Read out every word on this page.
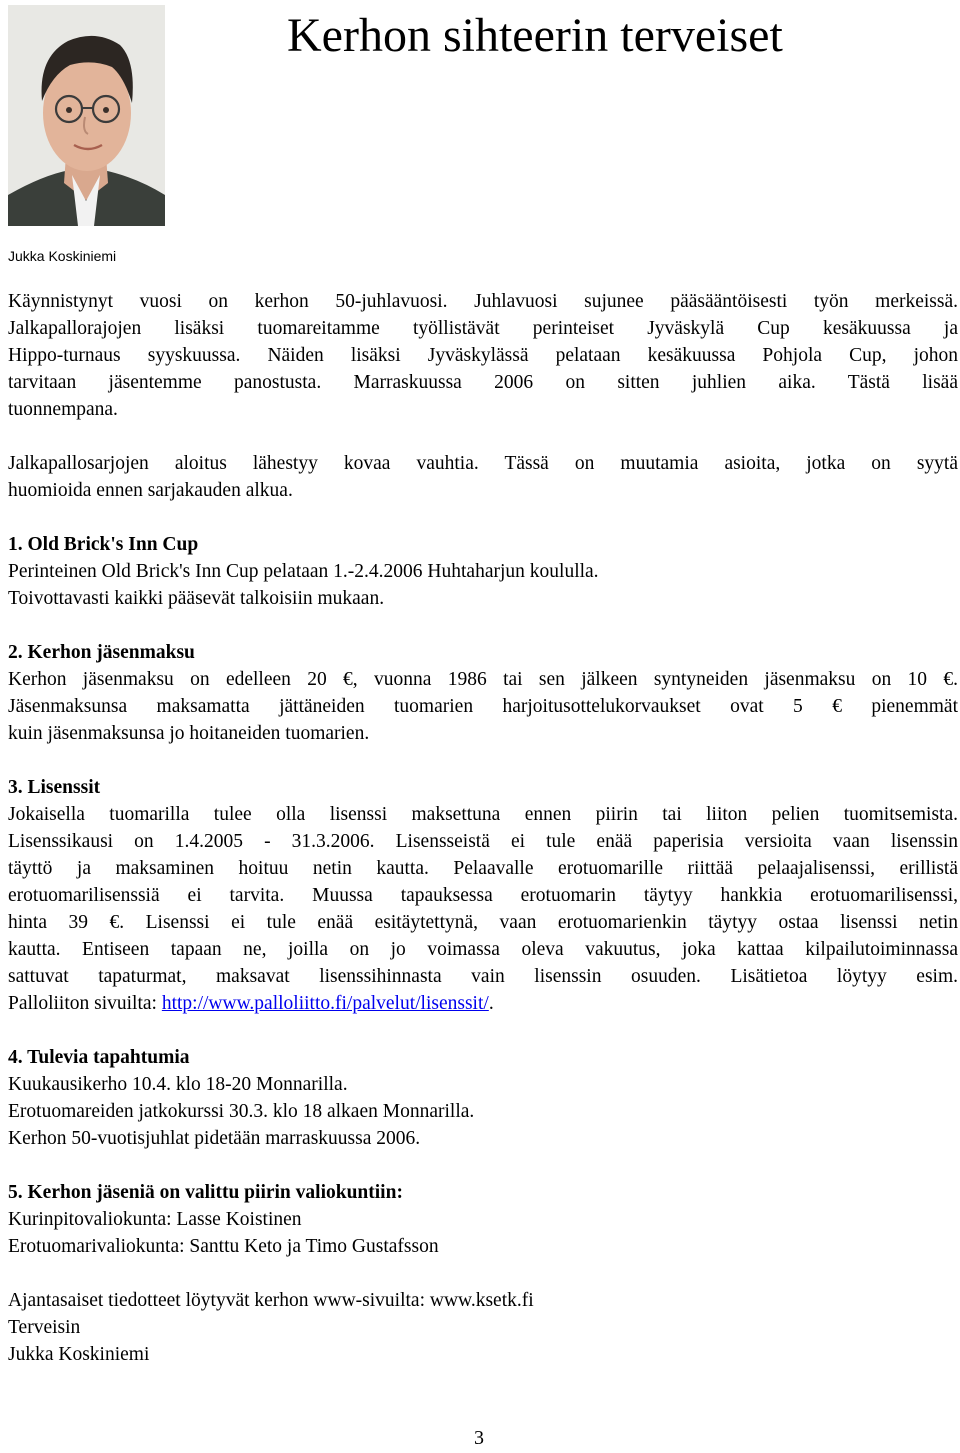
Kerhon sihteerin terveiset

Jukka Koskiniemi

Käynnistynyt vuosi on kerhon 50-juhlavuosi. Juhlavuosi sujunee pääsääntöisesti työn merkeissä.
Jalkapallorajojen lisäksi tuomareitamme työllistävät perinteiset Jyväskylä Cup kesäkuussa ja
Hippo-turnaus syyskuussa. Näiden lisäksi Jyväskylässä pelataan kesäkuussa Pohjola Cup, johon
tarvitaan jäsentemme panostusta. Marraskuussa 2006 on sitten juhlien aika. Tästä lisää
tuonnempana.

Jalkapallosarjojen aloitus lähestyy kovaa vauhtia. Tässä on muutamia asioita, jotka on syytä
huomioida ennen sarjakauden alkua.

1. Old Brick's Inn Cup
Perinteinen Old Brick's Inn Cup pelataan 1.-2.4.2006 Huhtaharjun koululla.
Toivottavasti kaikki pääsevät talkoisiin mukaan.

2. Kerhon jäsenmaksu
Kerhon jäsenmaksu on edelleen 20 €, vuonna 1986 tai sen jälkeen syntyneiden jäsenmaksu on 10 €.
Jäsenmaksunsa maksamatta jättäneiden tuomarien harjoitusottelukorvaukset ovat 5 € pienemmät
kuin jäsenmaksunsa jo hoitaneiden tuomarien.

3. Lisenssit
Jokaisella tuomarilla tulee olla lisenssi maksettuna ennen piirin tai liiton pelien tuomitsemista.
Lisenssikausi on 1.4.2005 - 31.3.2006. Lisensseistä ei tule enää paperisia versioita vaan lisenssin
täyttö ja maksaminen hoituu netin kautta. Pelaavalle erotuomarille riittää pelaajalisenssi, erillistä
erotuomarilisenssiä ei tarvita. Muussa tapauksessa erotuomarin täytyy hankkia erotuomarilisenssi,
hinta 39 €. Lisenssi ei tule enää esitäytettynä, vaan erotuomarienkin täytyy ostaa lisenssi netin
kautta. Entiseen tapaan ne, joilla on jo voimassa oleva vakuutus, joka kattaa kilpailutoiminnassa
sattuvat tapaturmat, maksavat lisenssihinnasta vain lisenssin osuuden. Lisätietoa löytyy esim.
Palloliiton sivuilta: http://www.palloliitto.fi/palvelut/lisenssit/.

4. Tulevia tapahtumia
Kuukausikerho 10.4. klo 18-20 Monnarilla.
Erotuomareiden jatkokurssi 30.3. klo 18 alkaen Monnarilla.
Kerhon 50-vuotisjuhlat pidetään marraskuussa 2006.

5. Kerhon jäseniä on valittu piirin valiokuntiin:
Kurinpitovaliokunta: Lasse Koistinen
Erotuomarivaliokunta: Santtu Keto ja Timo Gustafsson

Ajantasaiset tiedotteet löytyvät kerhon www-sivuilta: www.ksetk.fi
Terveisin
Jukka Koskiniemi

3
